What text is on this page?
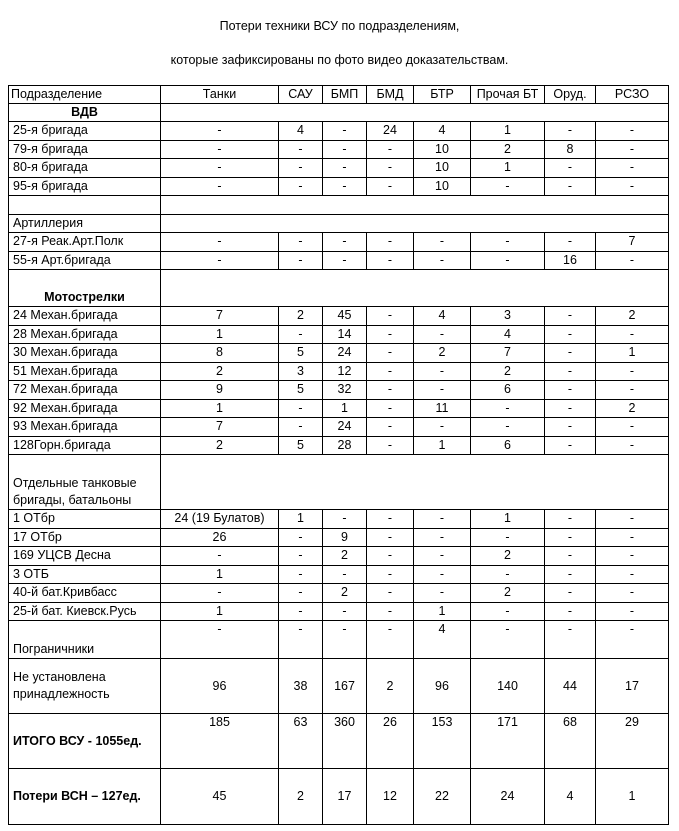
Потери техники ВСУ по подразделениям,
которые зафиксированы по фото видео доказательствам.
Подразделение	Танки	САУ	БМП	БМД	БТР	Прочая БТ	Оруд.	РСЗО
ВДВ								
25-я бригада	-	4	-	24	4	1	-	-
79-я бригада	-	-	-	-	10	2	8	-
80-я бригада	-	-	-	-	10	1	-	-
95-я бригада	-	-	-	-	10	-	-	-

Артиллерия								
27-я Реак.Арт.Полк	-	-	-	-	-	-	-	7
55-я Арт.бригада	-	-	-	-	-	-	16	-
Мотострелки								
24 Механ.бригада	7	2	45	-	4	3	-	2
28 Механ.бригада	1	-	14	-	-	4	-	-
30 Механ.бригада	8	5	24	-	2	7	-	1
51 Механ.бригада	2	3	12	-	-	2	-	-
72 Механ.бригада	9	5	32	-	-	6	-	-
92 Механ.бригада	1	-	1	-	11	-	-	2
93 Механ.бригада	7	-	24	-	-	-	-	-
128Горн.бригада	2	5	28	-	1	6	-	-
Отдельные танковые бригады, батальоны								
1 ОТбр	24 (19 Булатов)	1	-	-	-	1	-	-
17 ОТбр	26	-	9	-	-	-	-	-
169 УЦСВ Десна	-	-	2	-	-	2	-	-
3 ОТБ	1	-	-	-	-	-	-	-
40-й бат.Кривбасс	-	-	2	-	-	2	-	-
25-й бат. Киевск.Русь	1	-	-	-	1	-	-	-
Пограничники	-	-	-	-	4	-	-	-
Не установлена принадлежность	96	38	167	2	96	140	44	17
ИТОГО ВСУ - 1055ед.	185	63	360	26	153	171	68	29
Потери ВСН – 127ед.	45	2	17	12	22	24	4	1
